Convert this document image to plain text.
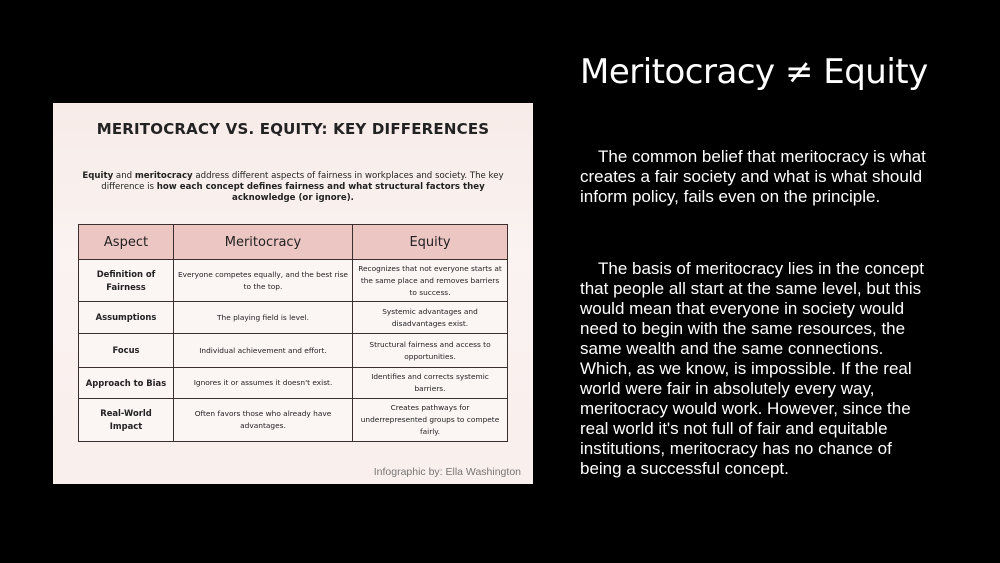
MERITOCRACY VS. EQUITY: KEY DIFFERENCES
Equity and meritocracy address different aspects of fairness in workplaces and society. The key difference is how each concept defines fairness and what structural factors they acknowledge (or ignore).
Aspect	Meritocracy	Equity
Definition of Fairness	Everyone competes equally, and the best rise to the top.	Recognizes that not everyone starts at the same place and removes barriers to success.
Assumptions	The playing field is level.	Systemic advantages and disadvantages exist.
Focus	Individual achievement and effort.	Structural fairness and access to opportunities.
Approach to Bias	Ignores it or assumes it doesn't exist.	Identifies and corrects systemic barriers.
Real-World Impact	Often favors those who already have advantages.	Creates pathways for underrepresented groups to compete fairly.
Infographic by: Ella Washington
Meritocracy ≠ Equity

The common belief that meritocracy is what creates a fair society and what is what should inform policy, fails even on the principle.

The basis of meritocracy lies in the concept that people all start at the same level, but this would mean that everyone in society would need to begin with the same resources, the same wealth and the same connections. Which, as we know, is impossible. If the real world were fair in absolutely every way, meritocracy would work. However, since the real world it's not full of fair and equitable institutions, meritocracy has no chance of being a successful concept.
